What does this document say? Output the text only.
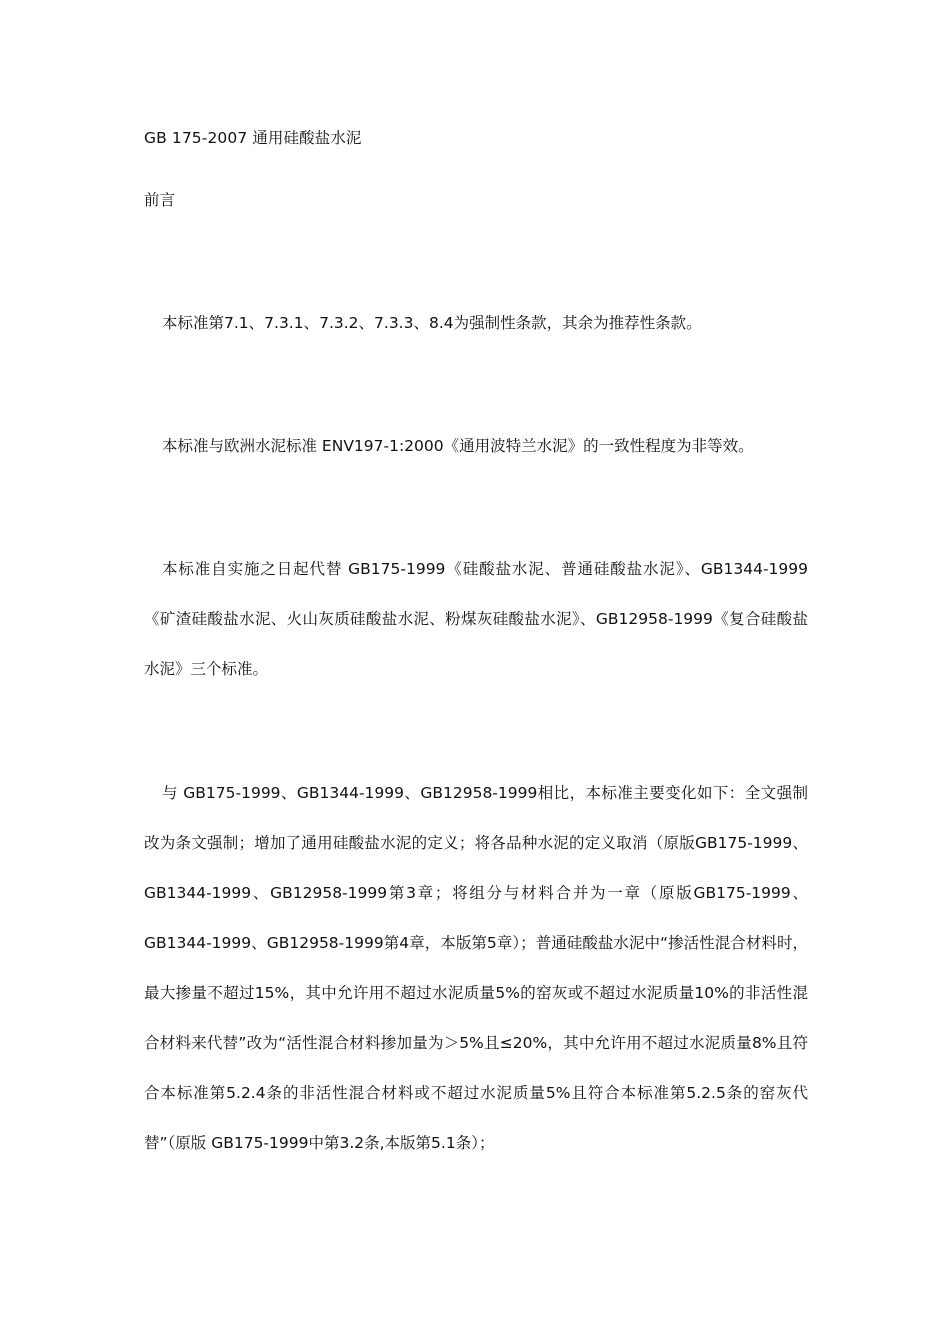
GB 175-2007 通用硅酸盐水泥
前言

本标准第7.1、7.3.1、7.3.2、7.3.3、8.4为强制性条款，其余为推荐性条款。

本标准与欧洲水泥标准 ENV197-1:2000《通用波特兰水泥》的一致性程度为非等效。

本标准自实施之日起代替 GB175-1999《硅酸盐水泥、普通硅酸盐水泥》、GB1344-1999《矿渣硅酸盐水泥、火山灰质硅酸盐水泥、粉煤灰硅酸盐水泥》、GB12958-1999《复合硅酸盐水泥》三个标准。

与 GB175-1999、GB1344-1999、GB12958-1999相比，本标准主要变化如下：全文强制改为条文强制；增加了通用硅酸盐水泥的定义；将各品种水泥的定义取消（原版GB175-1999、GB1344-1999、GB12958-1999第3章；将组分与材料合并为一章（原版GB175-1999、GB1344-1999、GB12958-1999第4章，本版第5章）；普通硅酸盐水泥中“掺活性混合材料时，最大掺量不超过15%，其中允许用不超过水泥质量5%的窑灰或不超过水泥质量10%的非活性混合材料来代替”改为“活性混合材料掺加量为＞5%且≤20%，其中允许用不超过水泥质量8%且符合本标准第5.2.4条的非活性混合材料或不超过水泥质量5%且符合本标准第5.2.5条的窑灰代替”（原版 GB175-1999中第3.2条,本版第5.1条）；
